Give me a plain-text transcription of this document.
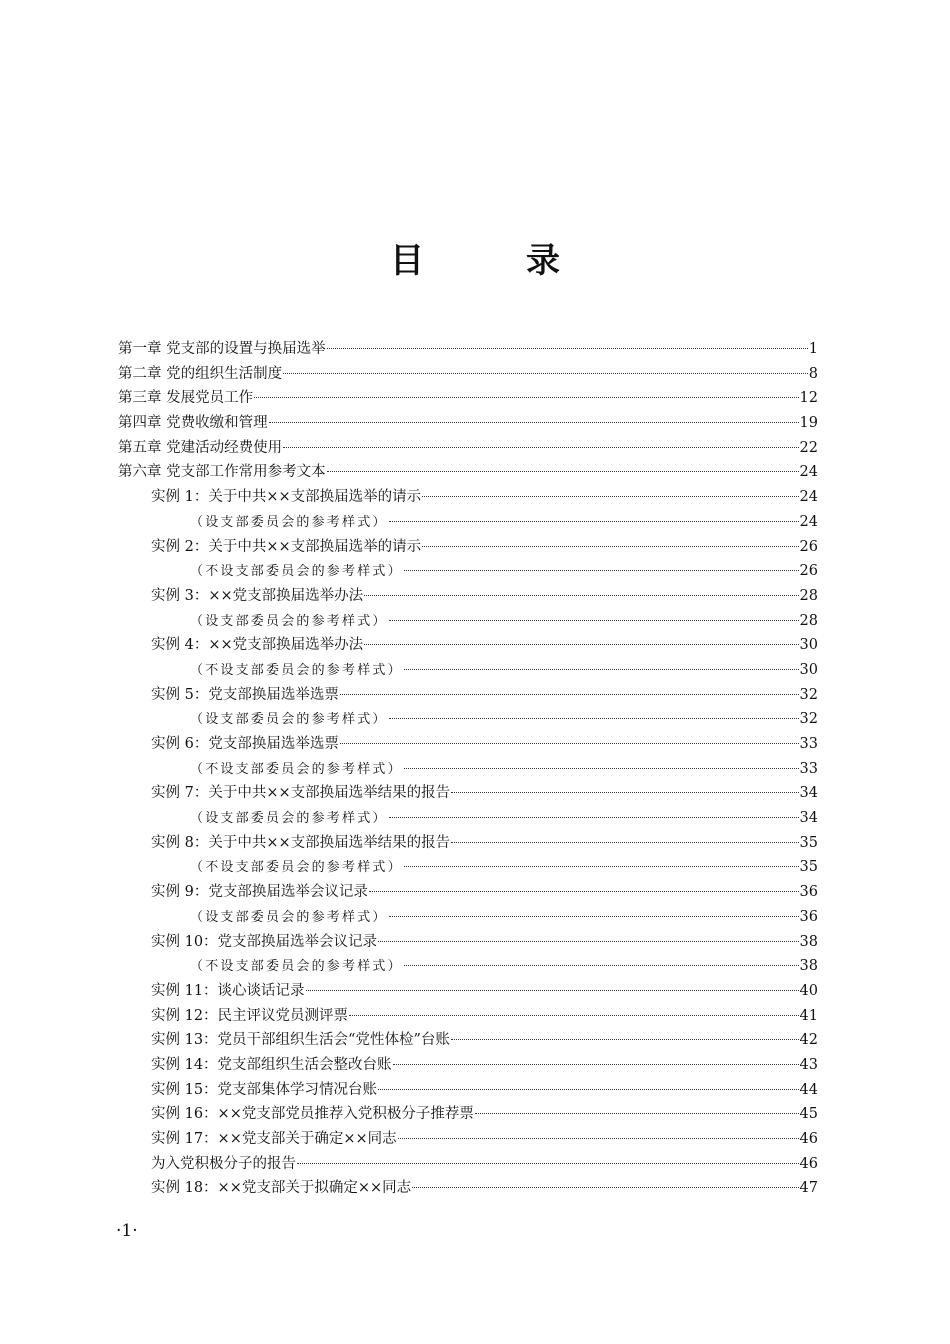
目　录
第一章 党支部的设置与换届选举	1
第二章 党的组织生活制度	8
第三章 发展党员工作	12
第四章 党费收缴和管理	19
第五章 党建活动经费使用	22
第六章 党支部工作常用参考文本	24
实例 1：关于中共××支部换届选举的请示	24
（设支部委员会的参考样式）	24
实例 2：关于中共××支部换届选举的请示	26
（不设支部委员会的参考样式）	26
实例 3：××党支部换届选举办法	28
（设支部委员会的参考样式）	28
实例 4：××党支部换届选举办法	30
（不设支部委员会的参考样式）	30
实例 5：党支部换届选举选票	32
（设支部委员会的参考样式）	32
实例 6：党支部换届选举选票	33
（不设支部委员会的参考样式）	33
实例 7：关于中共××支部换届选举结果的报告	34
（设支部委员会的参考样式）	34
实例 8：关于中共××支部换届选举结果的报告	35
（不设支部委员会的参考样式）	35
实例 9：党支部换届选举会议记录	36
（设支部委员会的参考样式）	36
实例 10：党支部换届选举会议记录	38
（不设支部委员会的参考样式）	38
实例 11：谈心谈话记录	40
实例 12：民主评议党员测评票	41
实例 13：党员干部组织生活会“党性体检”台账	42
实例 14：党支部组织生活会整改台账	43
实例 15：党支部集体学习情况台账	44
实例 16：××党支部党员推荐入党积极分子推荐票	45
实例 17：××党支部关于确定××同志	46
为入党积极分子的报告	46
实例 18：××党支部关于拟确定××同志	47
·1·
